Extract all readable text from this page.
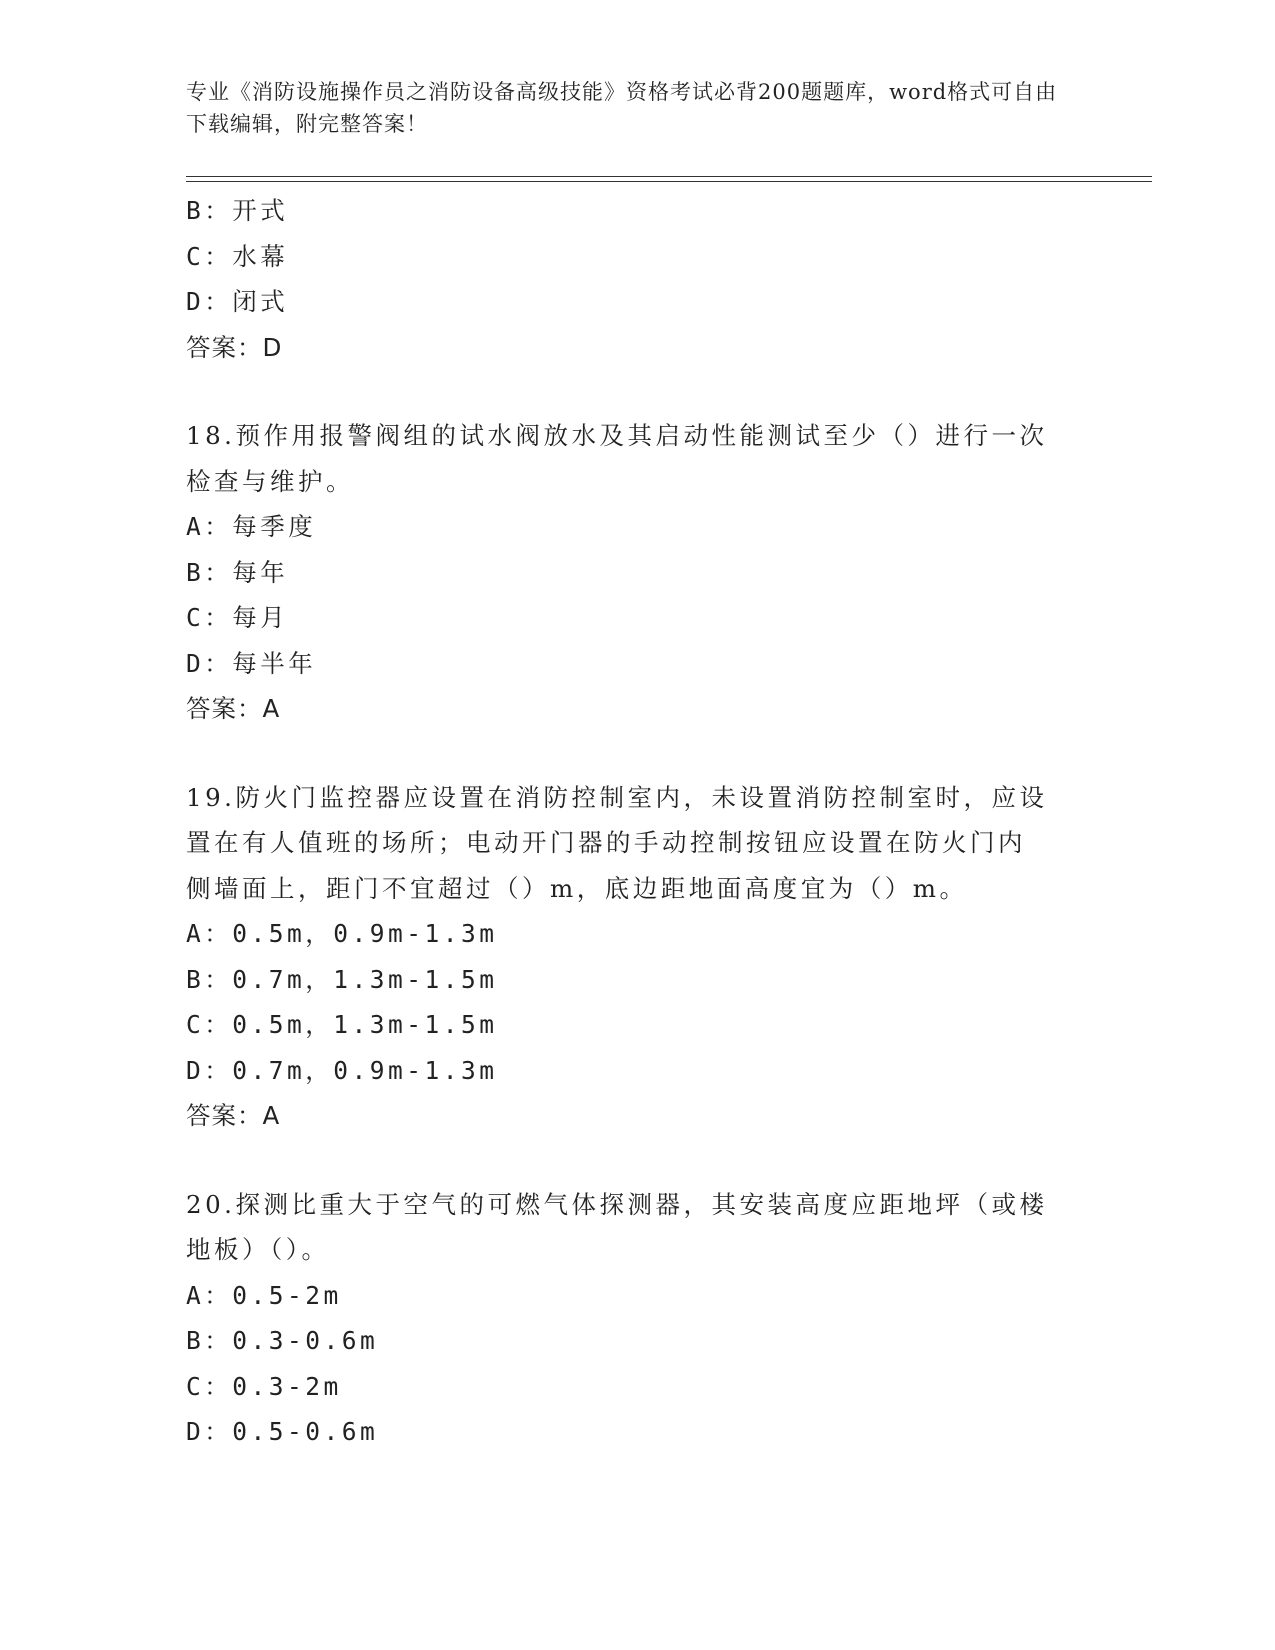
专业《消防设施操作员之消防设备高级技能》资格考试必背200题题库，word格式可自由下载编辑，附完整答案！
B：开式
C：水幕
D：闭式
答案：D
18.预作用报警阀组的试水阀放水及其启动性能测试至少（）进行一次
检查与维护。
A：每季度
B：每年
C：每月
D：每半年
答案：A
19.防火门监控器应设置在消防控制室内，未设置消防控制室时，应设
置在有人值班的场所；电动开门器的手动控制按钮应设置在防火门内
侧墙面上，距门不宜超过（）m，底边距地面高度宜为（）m。
A：0.5m，0.9m-1.3m
B：0.7m，1.3m-1.5m
C：0.5m，1.3m-1.5m
D：0.7m，0.9m-1.3m
答案：A
20.探测比重大于空气的可燃气体探测器，其安装高度应距地坪（或楼
地板）（）。
A：0.5-2m
B：0.3-0.6m
C：0.3-2m
D：0.5-0.6m
